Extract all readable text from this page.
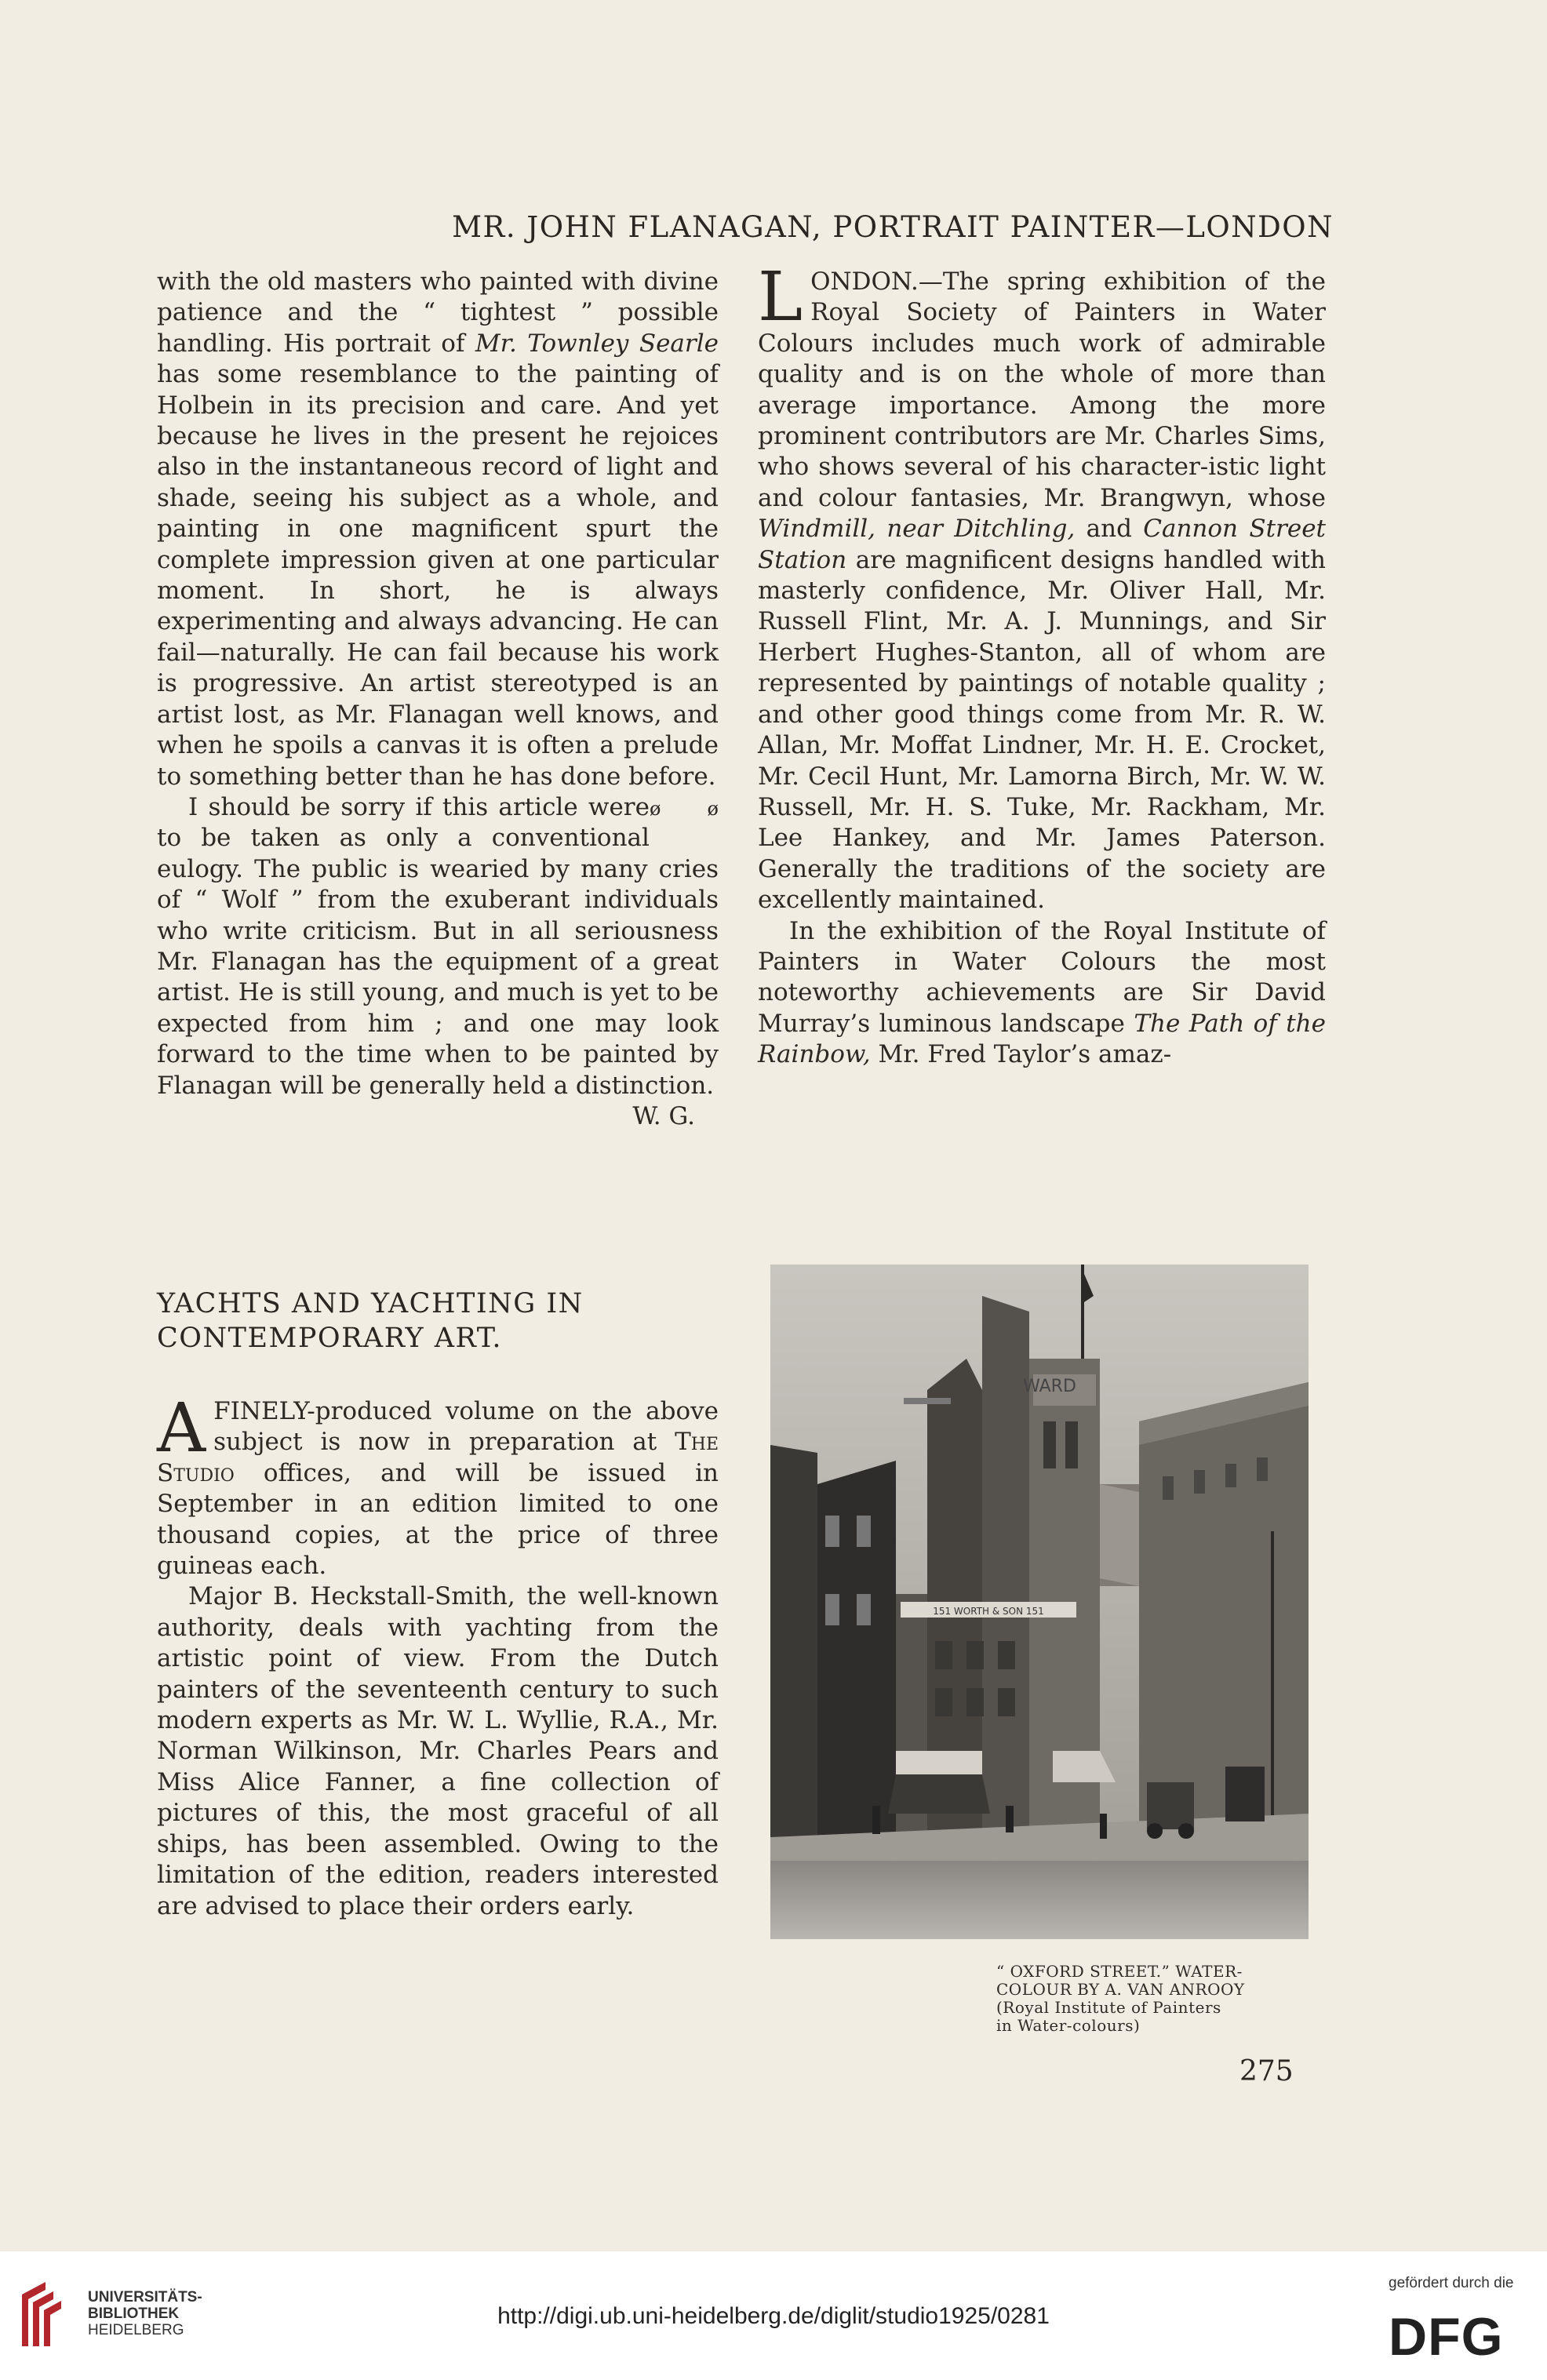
MR. JOHN FLANAGAN, PORTRAIT PAINTER—LONDON

with the old masters who painted with divine patience and the “ tightest ” possible handling. His portrait of Mr. Townley Searle has some resemblance to the painting of Holbein in its precision and care. And yet because he lives in the present he rejoices also in the instantaneous record of light and shade, seeing his subject as a whole, and painting in one magnificent spurt the complete impression given at one particular moment. In short, he is always experimenting and always advancing. He can fail—naturally. He can fail because his work is progressive. An artist stereotyped is an artist lost, as Mr. Flanagan well knows, and when he spoils a canvas it is often a prelude to something better than he has done before.
ø ø

I should be sorry if this article were to be taken as only a conventional eulogy. The public is wearied by many cries of “ Wolf ” from the exuberant individuals who write criticism. But in all seriousness Mr. Flanagan has the equipment of a great artist. He is still young, and much is yet to be expected from him ; and one may look forward to the time when to be painted by Flanagan will be generally held a distinction.
W. G.

YACHTS AND YACHTING IN CONTEMPORARY ART.

AFINELY-produced volume on the above subject is now in preparation at The Studio offices, and will be issued in September in an edition limited to one thousand copies, at the price of three guineas each.

Major B. Heckstall-Smith, the well-known authority, deals with yachting from the artistic point of view. From the Dutch painters of the seventeenth century to such modern experts as Mr. W. L. Wyllie, R.A., Mr. Norman Wilkinson, Mr. Charles Pears and Miss Alice Fanner, a fine collection of pictures of this, the most graceful of all ships, has been assembled. Owing to the limitation of the edition, readers interested are advised to place their orders early.

LONDON.—The spring exhibition of the Royal Society of Painters in Water Colours includes much work of admirable quality and is on the whole of more than average importance. Among the more prominent contributors are Mr. Charles Sims, who shows several of his character-istic light and colour fantasies, Mr. Brangwyn, whose Windmill, near Ditchling, and Cannon Street Station are magnificent designs handled with masterly confidence, Mr. Oliver Hall, Mr. Russell Flint, Mr. A. J. Munnings, and Sir Herbert Hughes-Stanton, all of whom are represented by paintings of notable quality ; and other good things come from Mr. R. W. Allan, Mr. Moffat Lindner, Mr. H. E. Crocket, Mr. Cecil Hunt, Mr. Lamorna Birch, Mr. W. W. Russell, Mr. H. S. Tuke, Mr. Rackham, Mr. Lee Hankey, and Mr. James Paterson. Generally the traditions of the society are excellently maintained.

In the exhibition of the Royal Institute of Painters in Water Colours the most noteworthy achievements are Sir David Murray’s luminous landscape The Path of the Rainbow, Mr. Fred Taylor’s amaz-

151 WORTH & SON 151
WARD
“ OXFORD STREET.” WATER-
COLOUR BY A. VAN ANROOY
(Royal Institute of Painters
in Water-colours)
275
UNIVERSITÄTS-
BIBLIOTHEK
HEIDELBERG
http://digi.ub.uni-heidelberg.de/diglit/studio1925/0281
gefördert durch die
DFG
